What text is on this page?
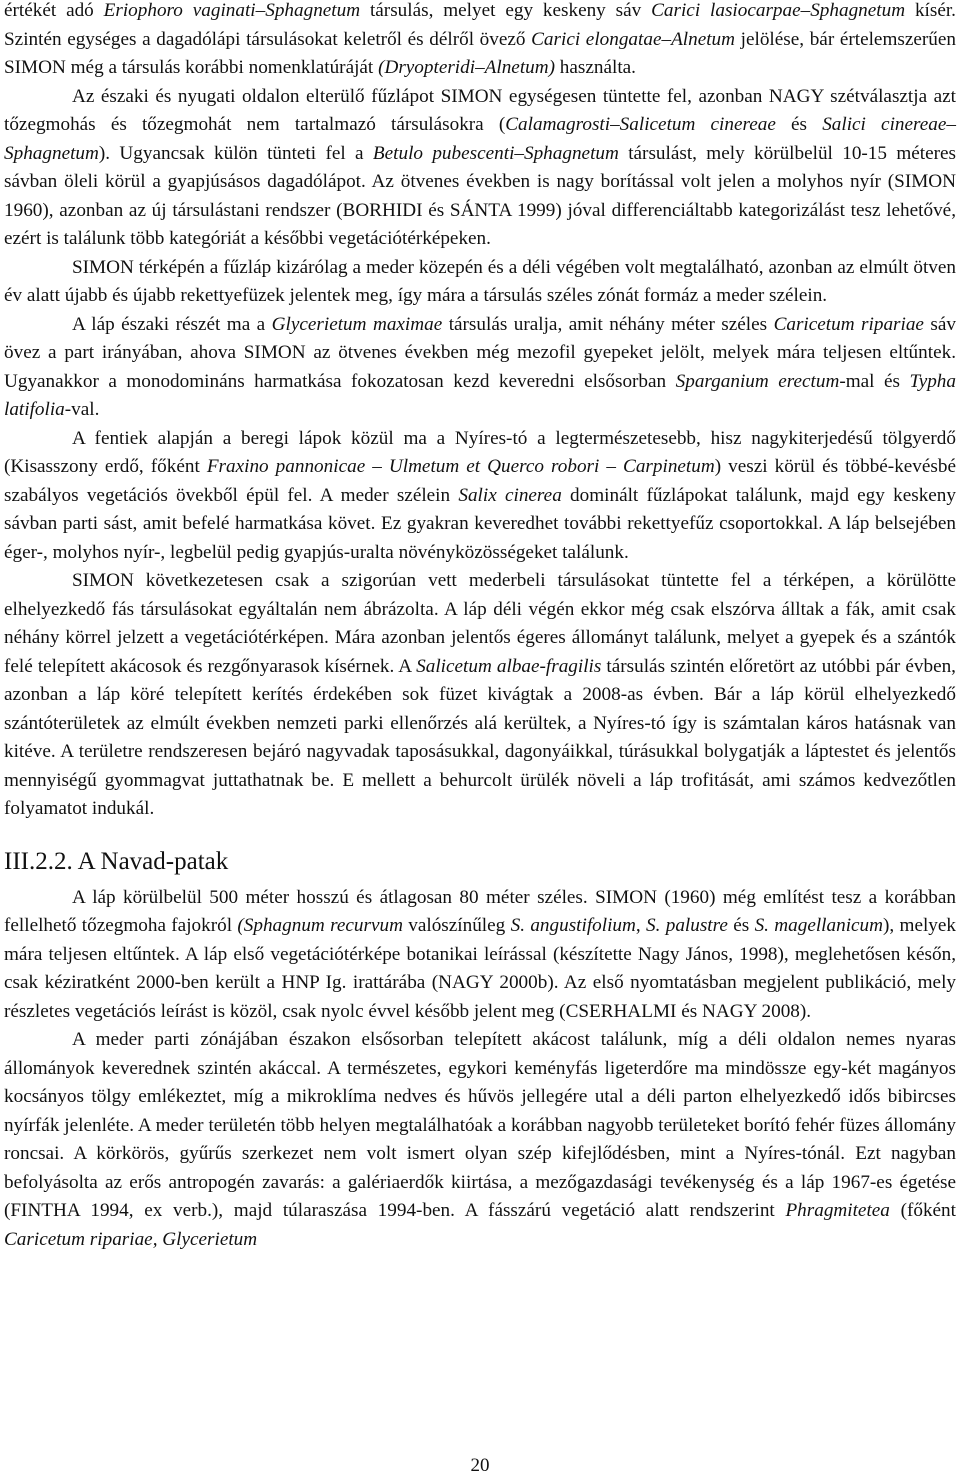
értékét adó Eriophoro vaginati–Sphagnetum társulás, melyet egy keskeny sáv Carici lasiocarpae–Sphagnetum kísér. Szintén egységes a dagadólápi társulásokat keletről és délről övező Carici elongatae–Alnetum jelölése, bár értelemszerűen SIMON még a társulás korábbi nomenklatúráját (Dryopteridi–Alnetum) használta.

Az északi és nyugati oldalon elterülő fűzlápot SIMON egységesen tüntette fel, azonban NAGY szétválasztja azt tőzegmohás és tőzegmohát nem tartalmazó társulásokra (Calamagrosti–Salicetum cinereae és Salici cinereae–Sphagnetum). Ugyancsak külön tünteti fel a Betulo pubescenti–Sphagnetum társulást, mely körülbelül 10-15 méteres sávban öleli körül a gyapjúsásos dagadólápot. Az ötvenes években is nagy borítással volt jelen a molyhos nyír (SIMON 1960), azonban az új társulástani rendszer (BORHIDI és SÁNTA 1999) jóval differenciáltabb kategorizálást tesz lehetővé, ezért is találunk több kategóriát a későbbi vegetációtérképeken.

SIMON térképén a fűzláp kizárólag a meder közepén és a déli végében volt megtalálható, azonban az elmúlt ötven év alatt újabb és újabb rekettyefüzek jelentek meg, így mára a társulás széles zónát formáz a meder szélein.

A láp északi részét ma a Glycerietum maximae társulás uralja, amit néhány méter széles Caricetum ripariae sáv övez a part irányában, ahova SIMON az ötvenes években még mezofil gyepeket jelölt, melyek mára teljesen eltűntek. Ugyanakkor a monodomináns harmatkása fokozatosan kezd keveredni elsősorban Sparganium erectum-mal és Typha latifolia-val.

A fentiek alapján a beregi lápok közül ma a Nyíres-tó a legtermészetesebb, hisz nagykiterjedésű tölgyerdő (Kisasszony erdő, főként Fraxino pannonicae – Ulmetum et Querco robori – Carpinetum) veszi körül és többé-kevésbé szabályos vegetációs övekből épül fel. A meder szélein Salix cinerea dominált fűzlápokat találunk, majd egy keskeny sávban parti sást, amit befelé harmatkása követ. Ez gyakran keveredhet további rekettyefűz csoportokkal. A láp belsejében éger-, molyhos nyír-, legbelül pedig gyapjús-uralta növényközösségeket találunk.

SIMON következetesen csak a szigorúan vett mederbeli társulásokat tüntette fel a térképen, a körülötte elhelyezkedő fás társulásokat egyáltalán nem ábrázolta. A láp déli végén ekkor még csak elszórva álltak a fák, amit csak néhány körrel jelzett a vegetációtérképen. Mára azonban jelentős égeres állományt találunk, melyet a gyepek és a szántók felé telepített akácosok és rezgőnyarasok kísérnek. A Salicetum albae-fragilis társulás szintén előretört az utóbbi pár évben, azonban a láp köré telepített kerítés érdekében sok füzet kivágtak a 2008-as évben. Bár a láp körül elhelyezkedő szántóterületek az elmúlt években nemzeti parki ellenőrzés alá kerültek, a Nyíres-tó így is számtalan káros hatásnak van kitéve. A területre rendszeresen bejáró nagyvadak taposásukkal, dagonyáikkal, túrásukkal bolygatják a láptestet és jelentős mennyiségű gyommagvat juttathatnak be. E mellett a behurcolt ürülék növeli a láp trofitását, ami számos kedvezőtlen folyamatot indukál.

III.2.2. A Navad-patak

A láp körülbelül 500 méter hosszú és átlagosan 80 méter széles. SIMON (1960) még említést tesz a korábban fellelhető tőzegmoha fajokról (Sphagnum recurvum valószínűleg S. angustifolium, S. palustre és S. magellanicum), melyek mára teljesen eltűntek. A láp első vegetációtérképe botanikai leírással (készítette Nagy János, 1998), meglehetősen későn, csak kéziratként 2000-ben került a HNP Ig. irattárába (NAGY 2000b). Az első nyomtatásban megjelent publikáció, mely részletes vegetációs leírást is közöl, csak nyolc évvel később jelent meg (CSERHALMI és NAGY 2008).

A meder parti zónájában északon elsősorban telepített akácost találunk, míg a déli oldalon nemes nyaras állományok keverednek szintén akáccal. A természetes, egykori keményfás ligeterdőre ma mindössze egy-két magányos kocsányos tölgy emlékeztet, míg a mikroklíma nedves és hűvös jellegére utal a déli parton elhelyezkedő idős bibircses nyírfák jelenléte. A meder területén több helyen megtalálhatóak a korábban nagyobb területeket borító fehér füzes állomány roncsai. A körkörös, gyűrűs szerkezet nem volt ismert olyan szép kifejlődésben, mint a Nyíres-tónál. Ezt nagyban befolyásolta az erős antropogén zavarás: a galériaerdők kiirtása, a mezőgazdasági tevékenység és a láp 1967-es égetése (FINTHA 1994, ex verb.), majd túlaraszása 1994-ben. A fásszárú vegetáció alatt rendszerint Phragmitetea (főként Caricetum ripariae, Glycerietum

20
